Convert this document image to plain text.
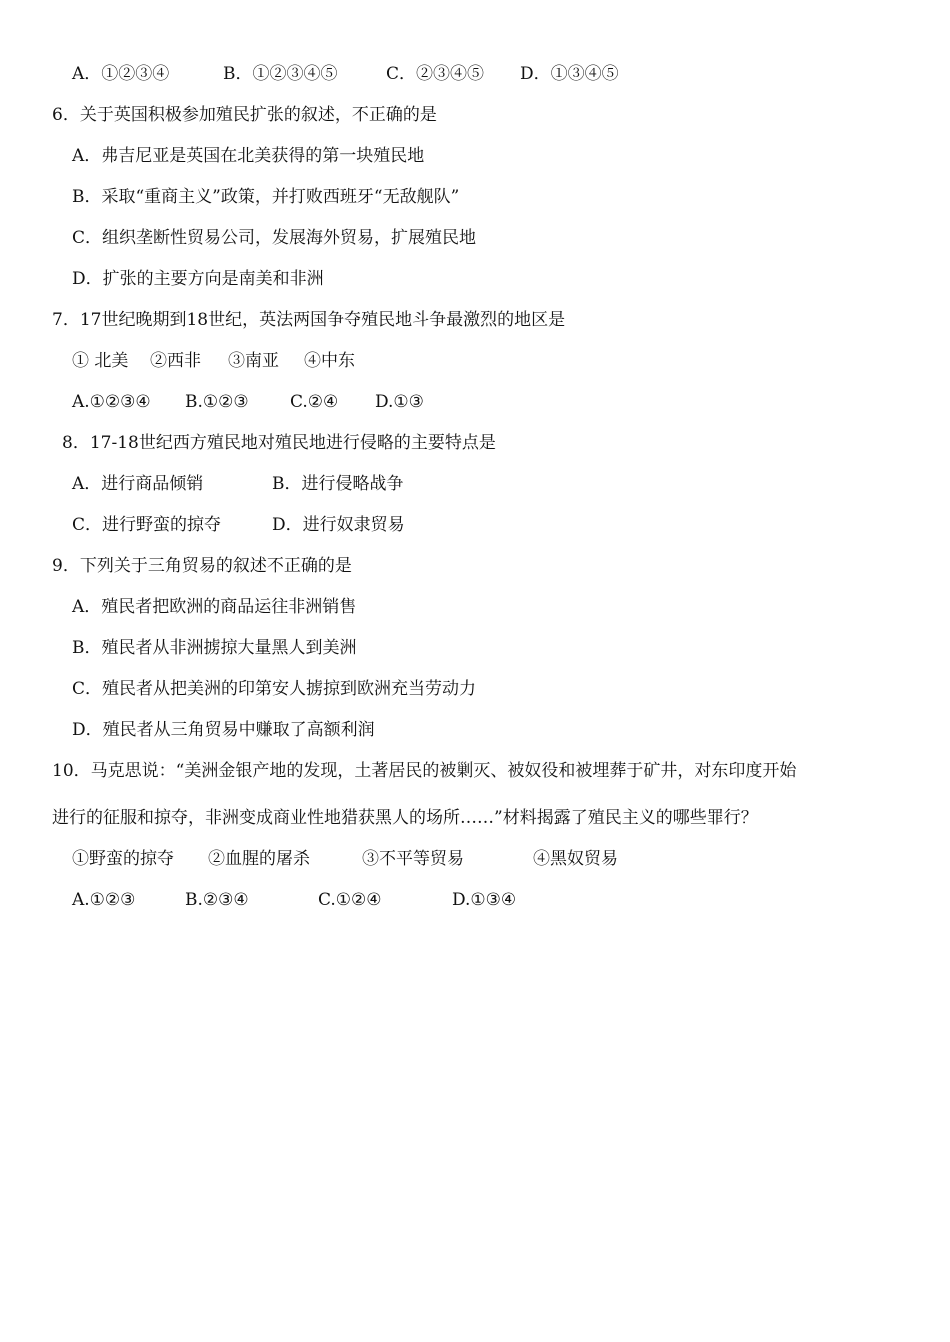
A．①②③④	B．①②③④⑤	C．②③④⑤ D．①③④⑤
6．关于英国积极参加殖民扩张的叙述，不正确的是
A．弗吉尼亚是英国在北美获得的第一块殖民地
B．采取“重商主义”政策，并打败西班牙“无敌舰队”
C．组织垄断性贸易公司，发展海外贸易，扩展殖民地
D．扩张的主要方向是南美和非洲
7．17世纪晚期到18世纪，英法两国争夺殖民地斗争最激烈的地区是
① 北美 ②西非 ③南亚 ④中东
A.①②③④ B.①②③ C.②④ D.①③
8．17-18世纪西方殖民地对殖民地进行侵略的主要特点是
A．进行商品倾销	B．进行侵略战争
C．进行野蛮的掠夺	D．进行奴隶贸易
9．下列关于三角贸易的叙述不正确的是
A．殖民者把欧洲的商品运往非洲销售
B．殖民者从非洲掳掠大量黑人到美洲
C．殖民者从把美洲的印第安人掳掠到欧洲充当劳动力
D．殖民者从三角贸易中赚取了高额利润
10．马克思说：“美洲金银产地的发现，土著居民的被剿灭、被奴役和被埋葬于矿井，对东印度开始
进行的征服和掠夺，非洲变成商业性地猎获黑人的场所……”材料揭露了殖民主义的哪些罪行？
①野蛮的掠夺 ②血腥的屠杀	③不平等贸易	④黑奴贸易
A.①②③	B.②③④	C.①②④	D.①③④
